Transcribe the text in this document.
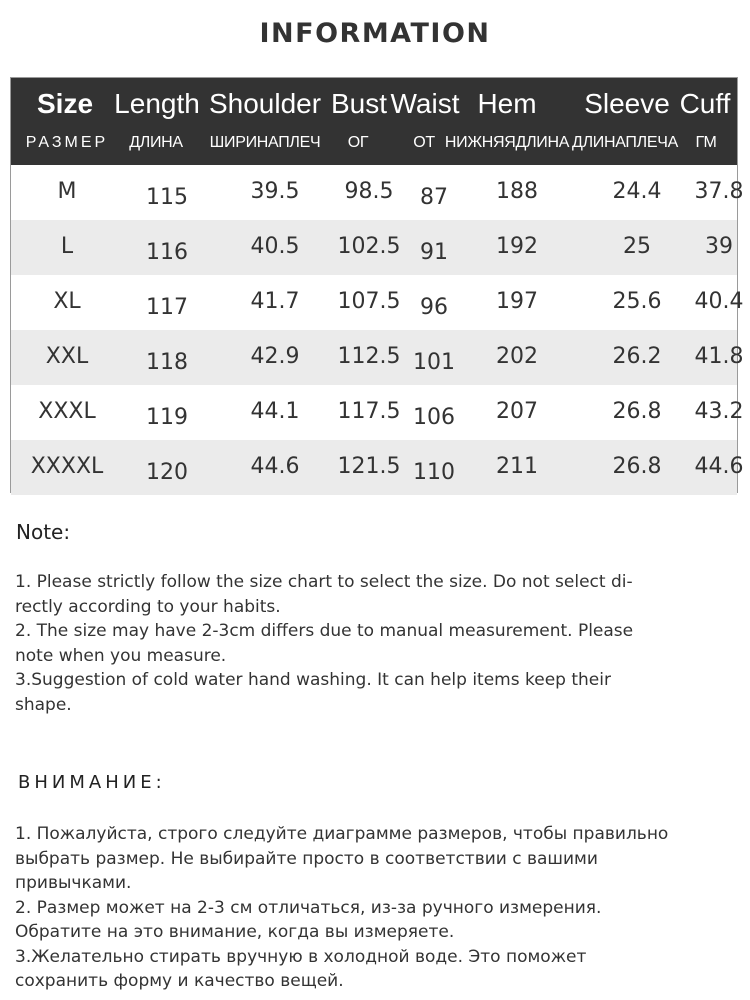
INFORMATION
Size Length Shoulder Bust Waist Hem Sleeve Cuff
РАЗМЕР ДЛИНА ШИРИНАПЛЕЧ ОГ	ОТ НИЖНЯЯДЛИНА ДЛИНАПЛЕЧА ГМ
M	115	39.5 98.5 87 188	24.4 37.8
L	116	40.5 102.5 91 192	25 39
XL	117	41.7 107.5 96 197	25.6 40.4
XXL	118	42.9 112.5 101 202	26.2 41.8
XXXL 119	44.1 117.5 106 207	26.8 43.2
XXXXL 120	44.6 121.5 110 211	26.8 44.6
Note:

1. Please strictly follow the size chart to select the size. Do not select di-

rectly according to your habits.

2. The size may have 2-3cm differs due to manual measurement. Please

note when you measure.

3.Suggestion of cold water hand washing. It can help items keep their

shape.

ВНИМАНИЕ:

1. Пожалуйста, строго следуйте диаграмме размеров, чтобы правильно

выбрать размер. Не выбирайте просто в соответствии с вашими

привычками.

2. Размер может на 2-3 см отличаться, из-за ручного измерения.

Обратите на это внимание, когда вы измеряете.

3.Желательно стирать вручную в холодной воде. Это поможет

сохранить форму и качество вещей.
